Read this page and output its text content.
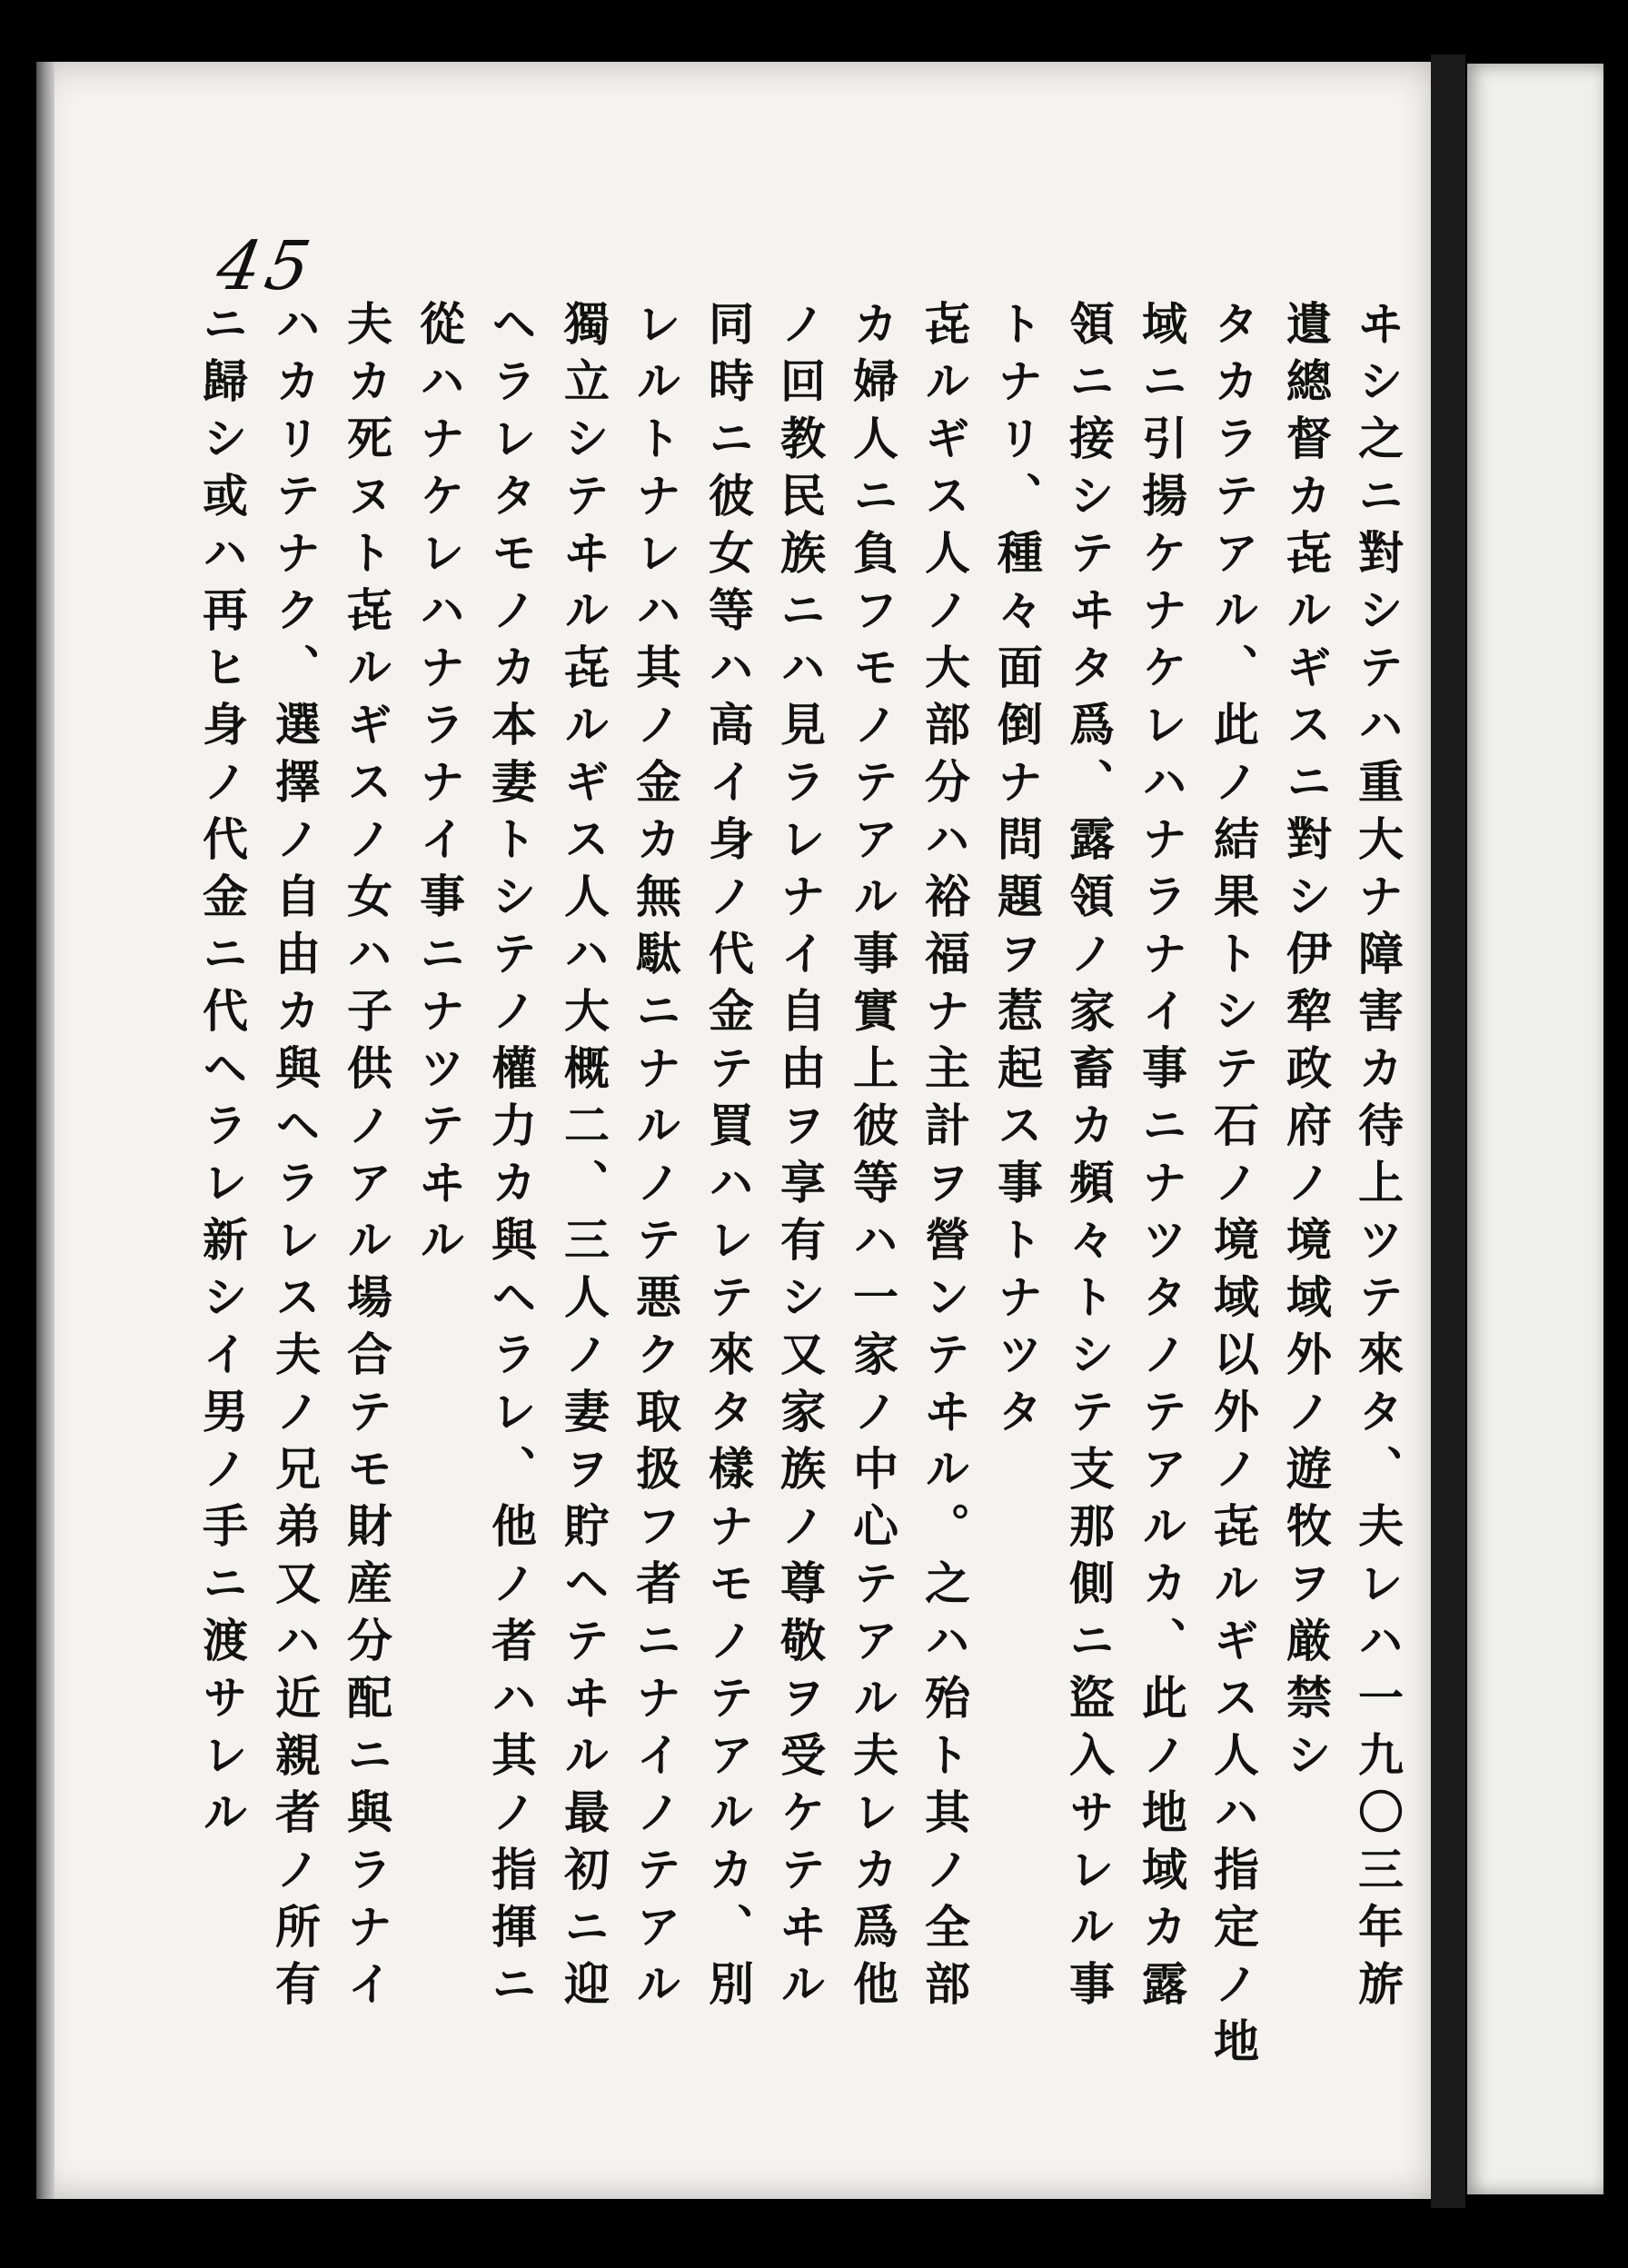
45
ヰシ之ニ對シテハ重大ナ障害カ待上ツテ來タ、夫レハ一九〇三年旂
遺總督カ㐂ルギスニ對シ伊犂政府ノ境域外ノ遊牧ヲ厳禁シ
タカラテアル、此ノ結果トシテ石ノ境域以外ノ㐂ルギス人ハ指定ノ地
域ニ引揚ケナケレハナラナイ事ニナツタノテアルカ、此ノ地域カ露
領ニ接シテヰタ爲、露領ノ家畜カ頻々トシテ支那側ニ盜入サレル事
トナリ、種々面倒ナ問題ヲ惹起ス事トナツタ
㐂ルギス人ノ大部分ハ裕福ナ主計ヲ營ンテヰル。之ハ殆ト其ノ全部
カ婦人ニ負フモノテアル事實上彼等ハ一家ノ中心テアル夫レカ爲他
ノ回教民族ニハ見ラレナイ自由ヲ享有シ又家族ノ尊敬ヲ受ケテヰル
同時ニ彼女等ハ高イ身ノ代金テ買ハレテ來タ樣ナモノテアルカ、別
レルトナレハ其ノ金カ無駄ニナルノテ悪ク取扱フ者ニナイノテアル
獨立シテヰル㐂ルギス人ハ大概二、三人ノ妻ヲ貯ヘテヰル最初ニ迎
ヘラレタモノカ本妻トシテノ權力カ與ヘラレ、他ノ者ハ其ノ指揮ニ
從ハナケレハナラナイ事ニナツテヰル
夫カ死ヌト㐂ルギスノ女ハ子供ノアル場合テモ財産分配ニ與ラナイ
ハカリテナク、選擇ノ自由カ與ヘラレス夫ノ兄弟又ハ近親者ノ所有
ニ歸シ或ハ再ヒ身ノ代金ニ代ヘラレ新シイ男ノ手ニ渡サレル
